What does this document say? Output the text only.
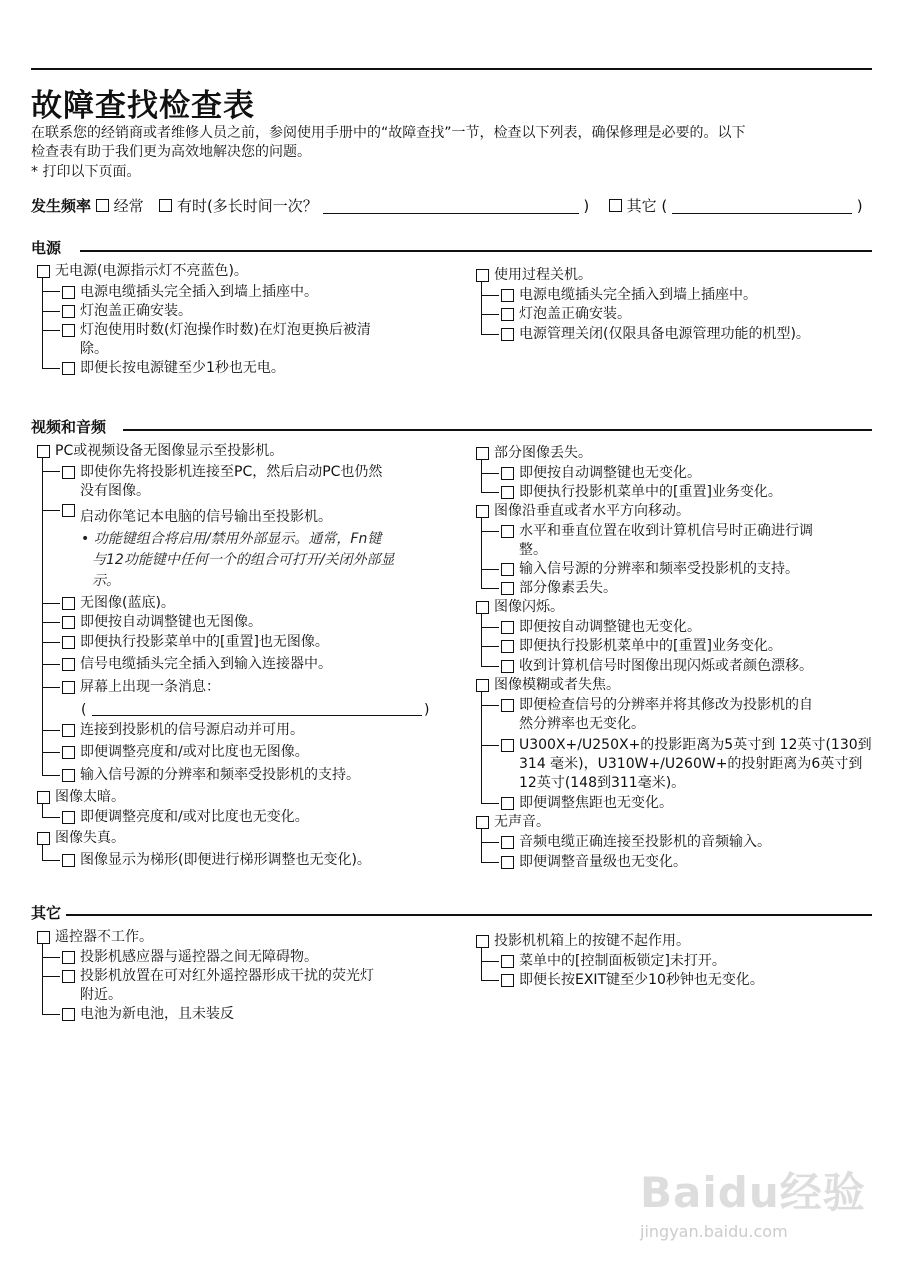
故障查找检查表
在联系您的经销商或者维修人员之前，参阅使用手册中的“故障查找”一节，检查以下列表，确保修理是必要的。以下
检查表有助于我们更为高效地解决您的问题。
* 打印以下页面。
发生频率 经常 有时(多长时间一次？	) 其它 (	)
电源
无电源(电源指示灯不亮蓝色)。
电源电缆插头完全插入到墙上插座中。
灯泡盖正确安装。
灯泡使用时数(灯泡操作时数)在灯泡更换后被清
除。
即便长按电源键至少1秒也无电。
使用过程关机。
电源电缆插头完全插入到墙上插座中。
灯泡盖正确安装。
电源管理关闭(仅限具备电源管理功能的机型)。
视频和音频
PC或视频设备无图像显示至投影机。
即使你先将投影机连接至PC，然后启动PC也仍然
没有图像。
启动你笔记本电脑的信号输出至投影机。
• 功能键组合将启用/禁用外部显示。通常，Fn键
与12功能键中任何一个的组合可打开/关闭外部显
示。
无图像(蓝底)。
即便按自动调整键也无图像。
即便执行投影菜单中的[重置]也无图像。
信号电缆插头完全插入到输入连接器中。
屏幕上出现一条消息：
(	)
连接到投影机的信号源启动并可用。
即便调整亮度和/或对比度也无图像。
输入信号源的分辨率和频率受投影机的支持。
图像太暗。
即便调整亮度和/或对比度也无变化。
图像失真。
图像显示为梯形(即便进行梯形调整也无变化)。
部分图像丢失。
即便按自动调整键也无变化。
即便执行投影机菜单中的[重置]业务变化。
图像沿垂直或者水平方向移动。
水平和垂直位置在收到计算机信号时正确进行调
整。
输入信号源的分辨率和频率受投影机的支持。
部分像素丢失。
图像闪烁。
即便按自动调整键也无变化。
即便执行投影机菜单中的[重置]业务变化。
收到计算机信号时图像出现闪烁或者颜色漂移。
图像模糊或者失焦。
即便检查信号的分辨率并将其修改为投影机的自
然分辨率也无变化。
U300X+/U250X+的投影距离为5英寸到 12英寸(130到
314 毫米)，U310W+/U260W+的投射距离为6英寸到
12英寸(148到311毫米)。
即便调整焦距也无变化。
无声音。
音频电缆正确连接至投影机的音频输入。
即便调整音量级也无变化。
其它
遥控器不工作。
投影机感应器与遥控器之间无障碍物。
投影机放置在可对红外遥控器形成干扰的荧光灯
附近。
电池为新电池，且未装反
投影机机箱上的按键不起作用。
菜单中的[控制面板锁定]未打开。
即便长按EXIT键至少10秒钟也无变化。
Baidu经验
jingyan.baidu.com
